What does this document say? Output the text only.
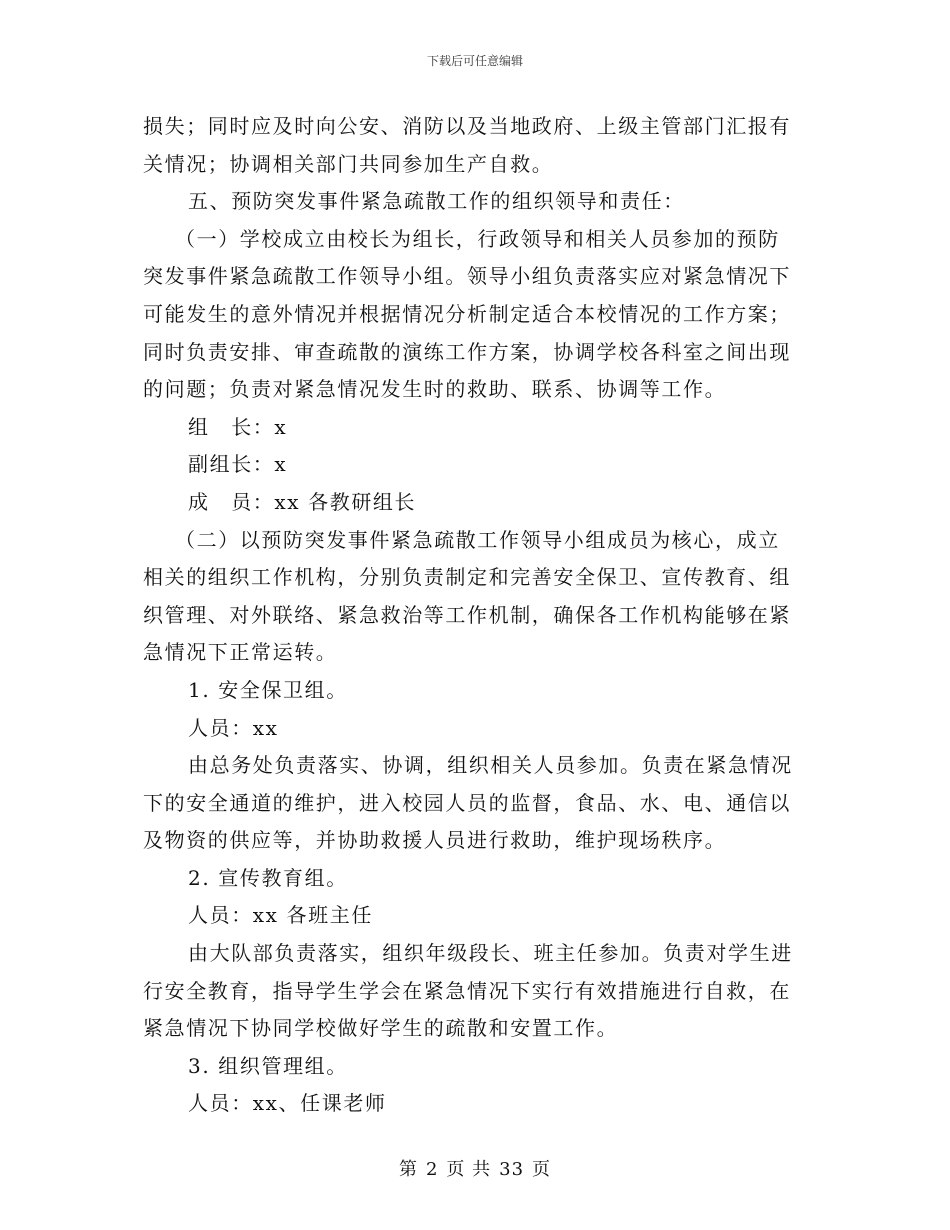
下载后可任意编辑
损失；同时应及时向公安、消防以及当地政府、上级主管部门汇报有
关情况；协调相关部门共同参加生产自救。
五、预防突发事件紧急疏散工作的组织领导和责任：
（一）学校成立由校长为组长，行政领导和相关人员参加的预防
突发事件紧急疏散工作领导小组。领导小组负责落实应对紧急情况下
可能发生的意外情况并根据情况分析制定适合本校情况的工作方案；
同时负责安排、审查疏散的演练工作方案，协调学校各科室之间出现
的问题；负责对紧急情况发生时的救助、联系、协调等工作。
组　长：x
副组长：x
成　员：xx 各教研组长
（二）以预防突发事件紧急疏散工作领导小组成员为核心，成立
相关的组织工作机构，分别负责制定和完善安全保卫、宣传教育、组
织管理、对外联络、紧急救治等工作机制，确保各工作机构能够在紧
急情况下正常运转。
1. 安全保卫组。
人员：xx
由总务处负责落实、协调，组织相关人员参加。负责在紧急情况
下的安全通道的维护，进入校园人员的监督，食品、水、电、通信以
及物资的供应等，并协助救援人员进行救助，维护现场秩序。
2. 宣传教育组。
人员：xx 各班主任
由大队部负责落实，组织年级段长、班主任参加。负责对学生进
行安全教育，指导学生学会在紧急情况下实行有效措施进行自救，在
紧急情况下协同学校做好学生的疏散和安置工作。
3. 组织管理组。
人员：xx、任课老师
第 2 页 共 33 页
